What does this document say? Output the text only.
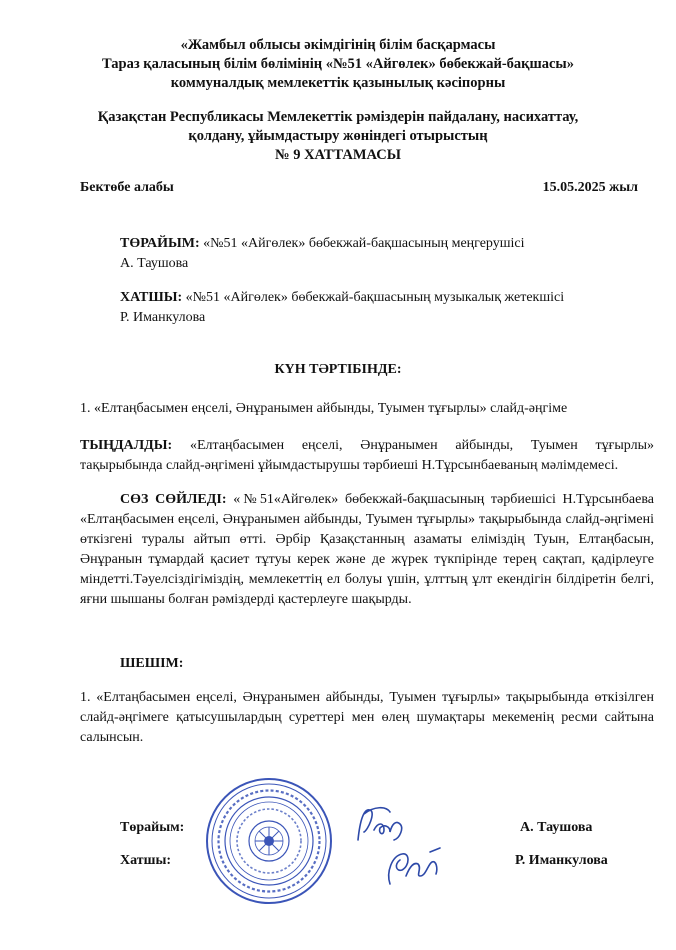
«Жамбыл облысы әкімдігінің білім басқармасы
Тараз қаласының білім бөлімінің «№51 «Айгөлек» бөбекжай-бақшасы»
коммуналдық мемлекеттік қазынылық кәсіпорны
Қазақстан Республикасы Мемлекеттік рәміздерін пайдалану, насихаттау,
қолдану, ұйымдастыру жөніндегі отырыстың
№ 9 ХАТТАМАСЫ
Бектөбе алабы	15.05.2025 жыл
ТӨРАЙЫМ: «№51 «Айгөлек» бөбекжай-бақшасының меңгерушісі
А. Таушова
ХАТШЫ: «№51 «Айгөлек» бөбекжай-бақшасының музыкалық жетекшісі
Р. Иманкулова
КҮН ТӘРТІБІНДЕ:
1. «Елтаңбасымен еңселі, Әнұранымен айбынды, Туымен тұғырлы» слайд-әңгіме
ТЫҢДАЛДЫ: «Елтаңбасымен еңселі, Әнұранымен айбынды, Туымен тұғырлы» тақырыбында слайд-әңгімені ұйымдастырушы тәрбиеші Н.Тұрсынбаеваның мәлімдемесі.
СӨЗ СӨЙЛЕДІ: «№51«Айгөлек» бөбекжай-бақшасының тәрбиешісі Н.Тұрсынбаева «Елтаңбасымен еңселі, Әнұранымен айбынды, Туымен тұғырлы» тақырыбында слайд-әңгімені өткізгені туралы айтып өтті. Әрбір Қазақстанның азаматы еліміздің Туын, Елтаңбасын, Әнұранын тұмардай қасиет тұтуы керек және де жүрек түкпірінде терең сақтап, қадірлеуге міндетті.Тәуелсіздігіміздің, мемлекеттің ел болуы үшін, ұлттың ұлт екендігін білдіретін белгі, яғни шышаны болған рәміздерді қастерлеуге шақырды.
ШЕШІМ:
1. «Елтаңбасымен еңселі, Әнұранымен айбынды, Туымен тұғырлы» тақырыбында өткізілген слайд-әңгімеге қатысушылардың суреттері мен өлең шумақтары мекеменің ресми сайтына салынсын.
Төрайым:	А. Таушова
Хатшы:	Р. Иманкулова
